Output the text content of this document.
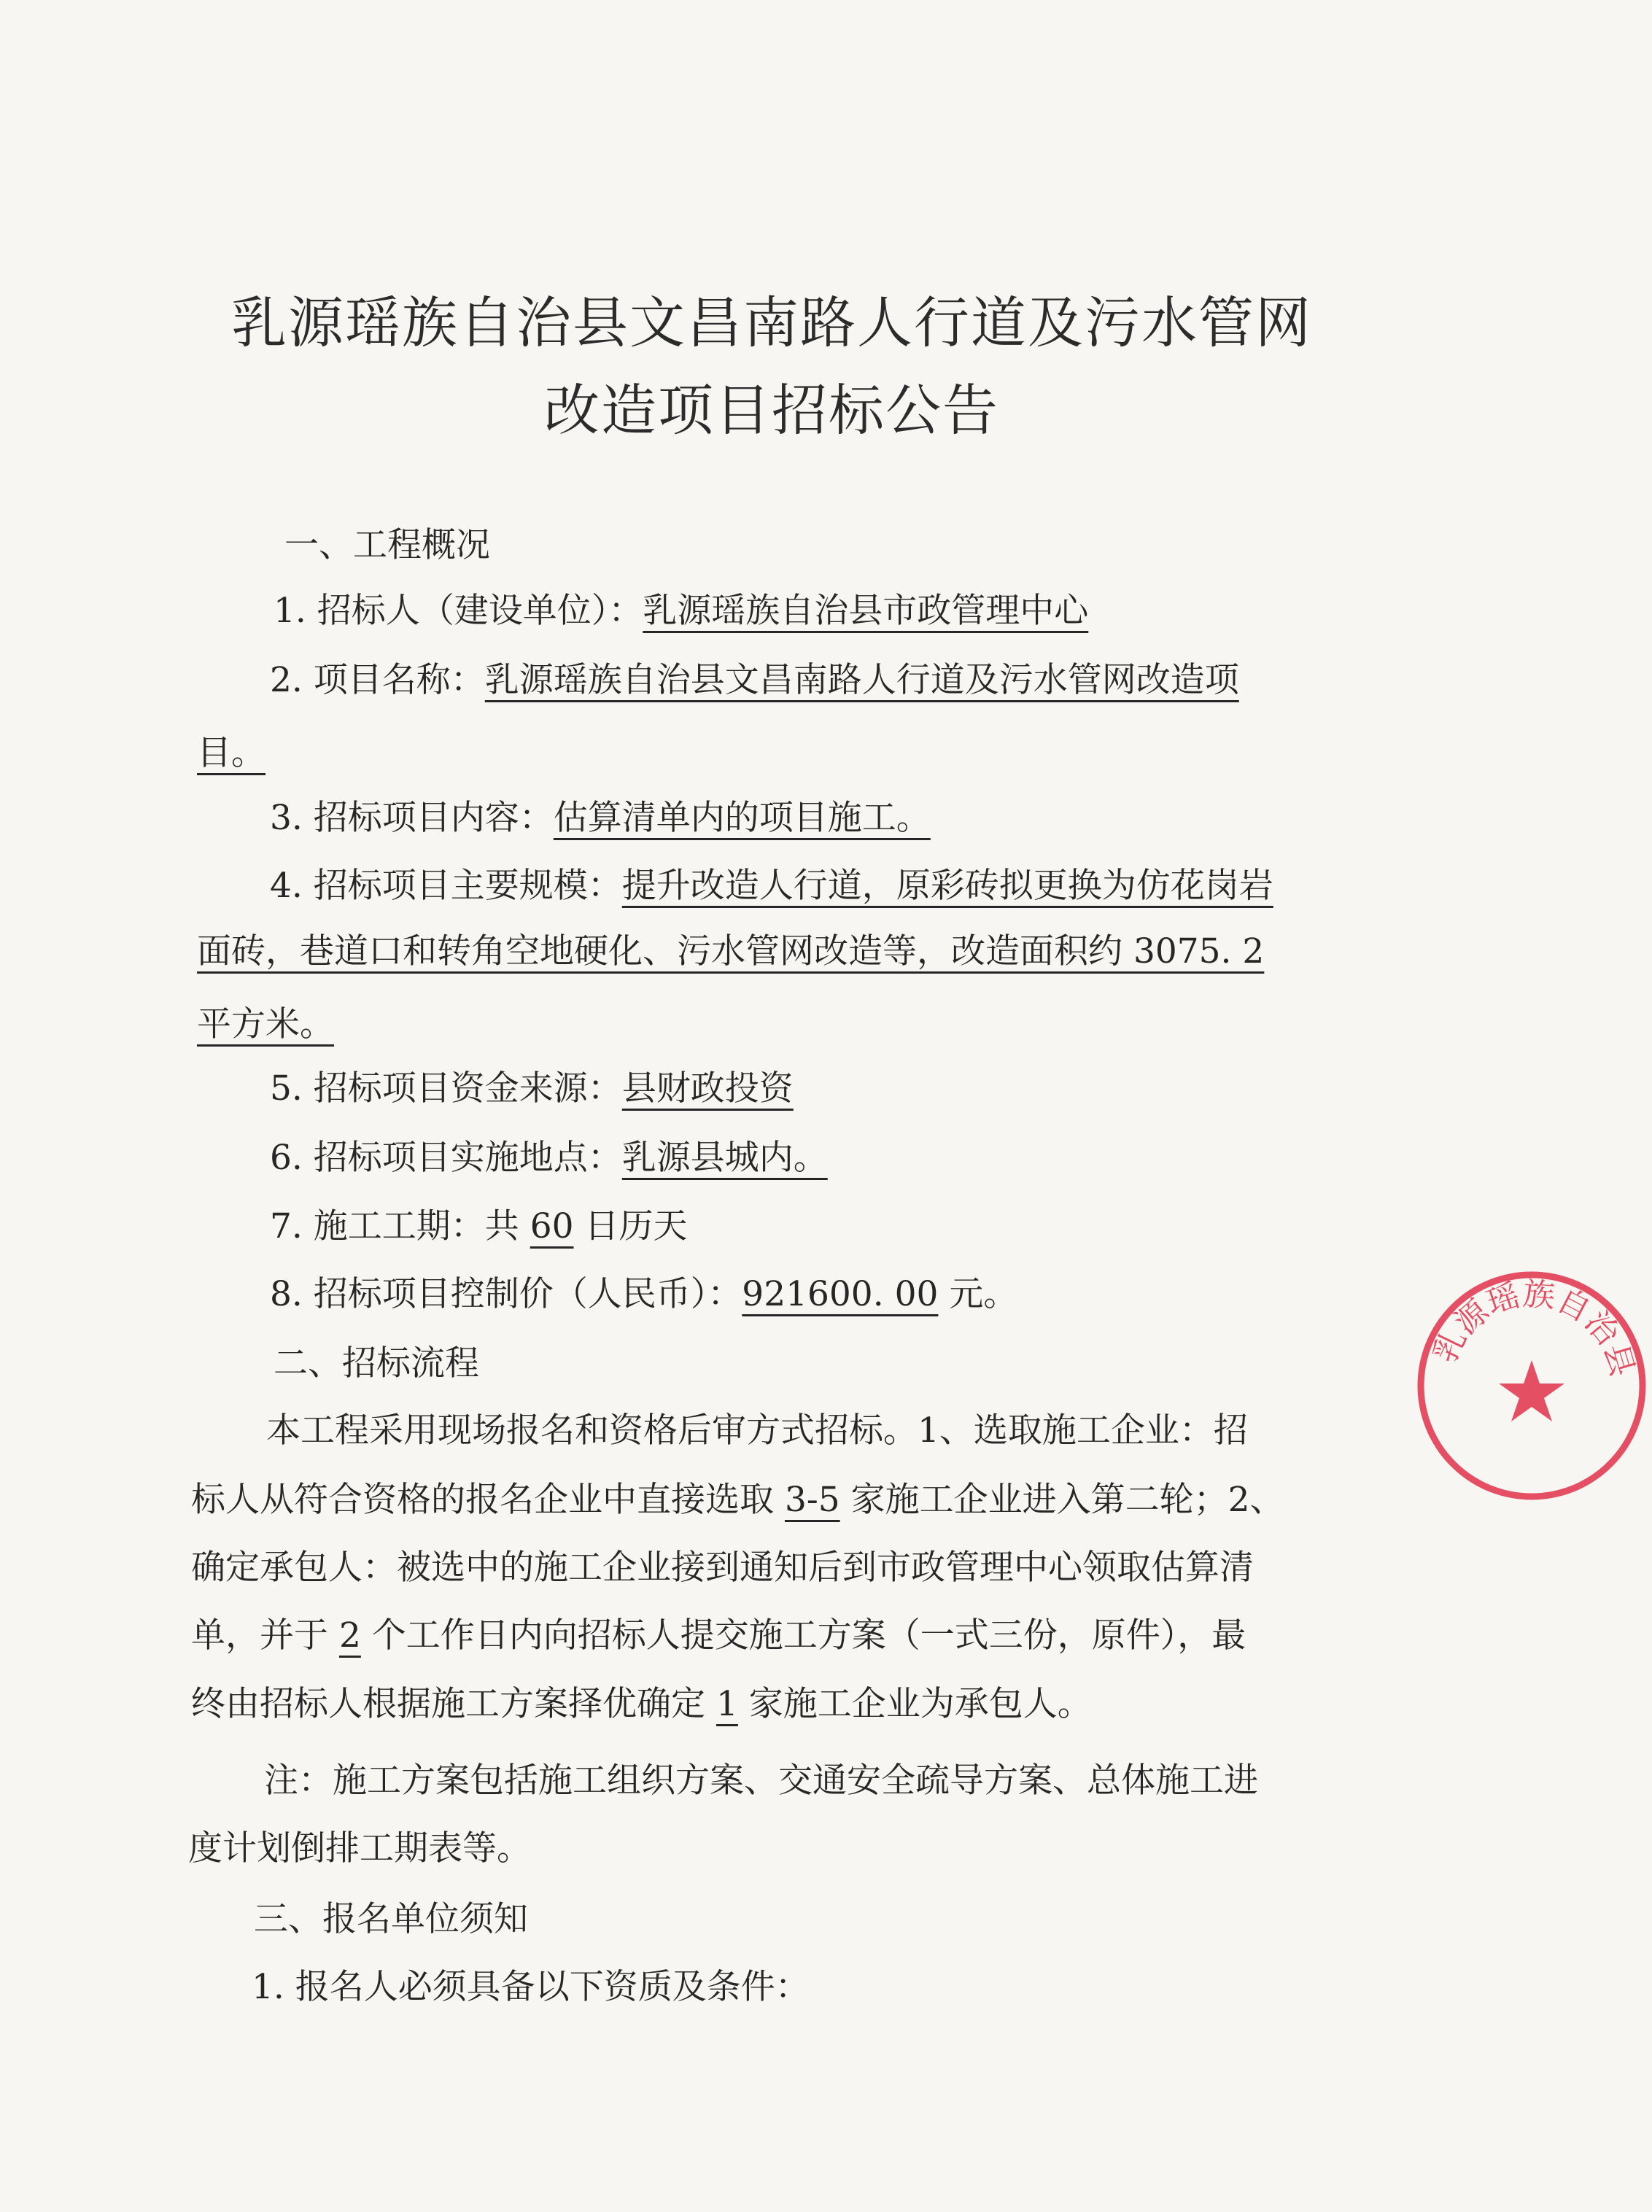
乳源瑶族自治县文昌南路人行道及污水管网
改造项目招标公告
一、工程概况
1. 招标人（建设单位）：乳源瑶族自治县市政管理中心
2. 项目名称：乳源瑶族自治县文昌南路人行道及污水管网改造项
目。
3. 招标项目内容：估算清单内的项目施工。
4. 招标项目主要规模：提升改造人行道，原彩砖拟更换为仿花岗岩
面砖，巷道口和转角空地硬化、污水管网改造等，改造面积约 3075. 2
平方米。
5. 招标项目资金来源：县财政投资
6. 招标项目实施地点：乳源县城内。
7. 施工工期：共 60 日历天
8. 招标项目控制价（人民币）：921600. 00 元。
二、招标流程
本工程采用现场报名和资格后审方式招标。1、选取施工企业：招
标人从符合资格的报名企业中直接选取 3-5 家施工企业进入第二轮；2、
确定承包人：被选中的施工企业接到通知后到市政管理中心领取估算清
单，并于 2 个工作日内向招标人提交施工方案（一式三份，原件），最
终由招标人根据施工方案择优确定 1 家施工企业为承包人。
注：施工方案包括施工组织方案、交通安全疏导方案、总体施工进
度计划倒排工期表等。
三、报名单位须知
1. 报名人必须具备以下资质及条件：
乳源瑶族自治县
